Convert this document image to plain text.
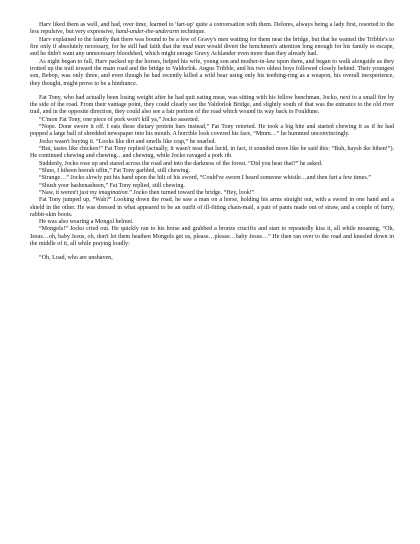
Harv liked them as well, and had, over time, learned to 'fart-up' quite a conversation with them. Delores, always being a lady first, resorted to the less repulsive, but very expressive, hand-under-the-underarm technique.

Harv explained to the family that there was bound to be a few of Gravy's men waiting for them near the bridge, but that he wanted the Tribble's to fire only if absolutely necessary, for he still had faith that the mud man would divert the henchmen's attention long enough for his family to escape, and he didn't want any unnecessary bloodshed, which might enrage Gravy Acklander even more than they already had.

As night began to fall, Harv packed up the horses, helped his wife, young son and mother-in-law upon them, and began to walk alongside as they trotted up the trail toward the main road and the bridge to Valdorlok. Angus Tribble, and his two oldest boys followed closely behind. Their youngest son, Bebop, was only three, and even though he had recently killed a wild bear using only his teething-ring as a weapon, his overall inexperience, they thought, might prove to be a hindrance.

Fat Tony, who had actually been losing weight after he had quit eating meat, was sitting with his fellow henchman, Jocko, next to a small fire by the side of the road. From their vantage point, they could clearly see the Valdorlok Bridge, and slightly south of that was the entrance to the old river trail, and in the opposite direction, they could also see a fair portion of the road which wound its way back to Fouldune.

“C'mon Fat Tony, one piece of pork won't kill ya,” Jocko asserted.

“Nope. Done swore it off. I eats these dietary protein bars instead,” Fat Tony retorted. He took a big bite and started chewing it as if he had popped a large ball of shredded newspaper into his mouth. A horrible look covered his face, “Mmm…” he hummed unconvincingly.

Jocko wasn't buying it. “Looks like dirt and smells like crap,” he snarled.

“But, tastes like chicken!” Fat Tony replied (actually, it wasn't near that lucid, in fact, it sounded more like he said this: “Buh, haysh ike hihen!”). He continued chewing and chewing…and chewing, while Jocko ravaged a pork rib.

Suddenly, Jocko rose up and stared across the road and into the darkness of the forest. “Did you hear that?” he asked.

“Shno, I hiheen heerah uffin,” Fat Tony garbled, still chewing.

“Strange…” Jocko slowly put his hand upon the hilt of his sword, “Could've sworn I heard someone whistle…and then fart a few times.”

“Shush yoor hashenasheen,” Fat Tony replied, still chewing.

“Naw, it weren't just my imagination.” Jocko then turned toward the bridge. “Hey, look!”

Fat Tony jumped up, “Wah?” Looking down the road, he saw a man on a horse, holding his arms straight out, with a sword in one hand and a shield in the other. He was dressed in what appeared to be an outfit of ill-fitting chain-mail, a pair of pants made out of straw, and a couple of furry, rabbit-skin boots.

He was also wearing a Mongol helmet.

“Mongols!” Jocko cried out. He quickly ran to his horse and grabbed a bronze crucifix and start to repeatedly kiss it, all while moaning, “Oh, Jesus…oh, baby Jesus, oh, don't let them heathen Mongols get us, please…please…baby Jesus…” He then ran over to the road and kneeled down in the middle of it, all while praying loudly:

“Oh, Load, who are unshaven,
